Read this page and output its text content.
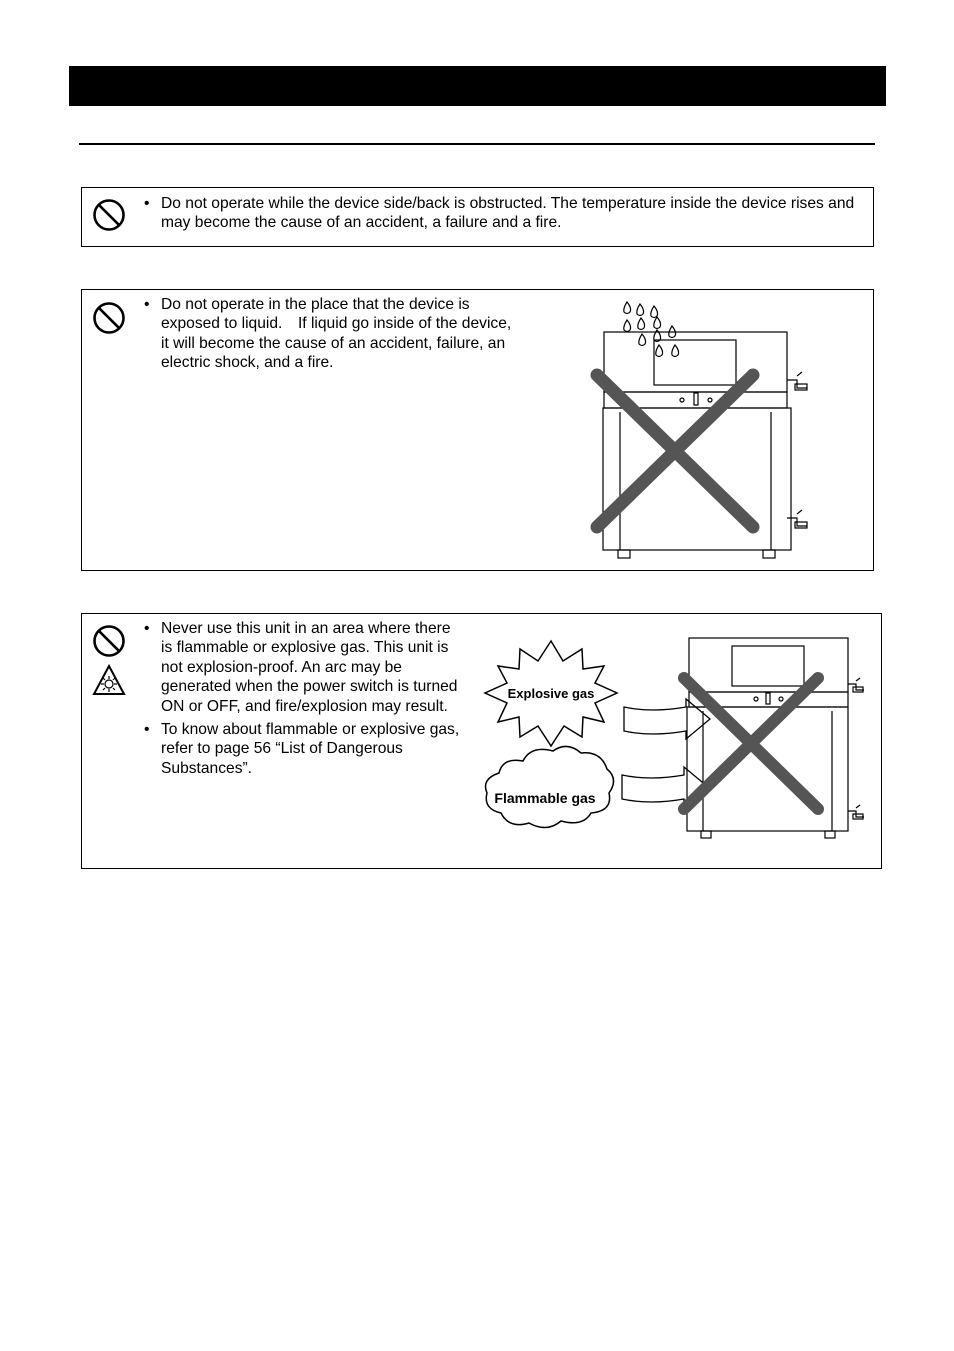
• Do not operate while the device side/back is obstructed. The temperature inside the device rises and may become the cause of an accident, a failure and a fire.
• Do not operate in the place that the device is exposed to liquid.　If liquid go inside of the device, it will become the cause of an accident, failure, an electric shock, and a fire.
• Never use this unit in an area where there is flammable or explosive gas. This unit is not explosion-proof. An arc may be generated when the power switch is turned ON or OFF, and fire/explosion may result.
• To know about flammable or explosive gas, refer to page 56 “List of Dangerous Substances”.
Explosive gas
Flammable gas
